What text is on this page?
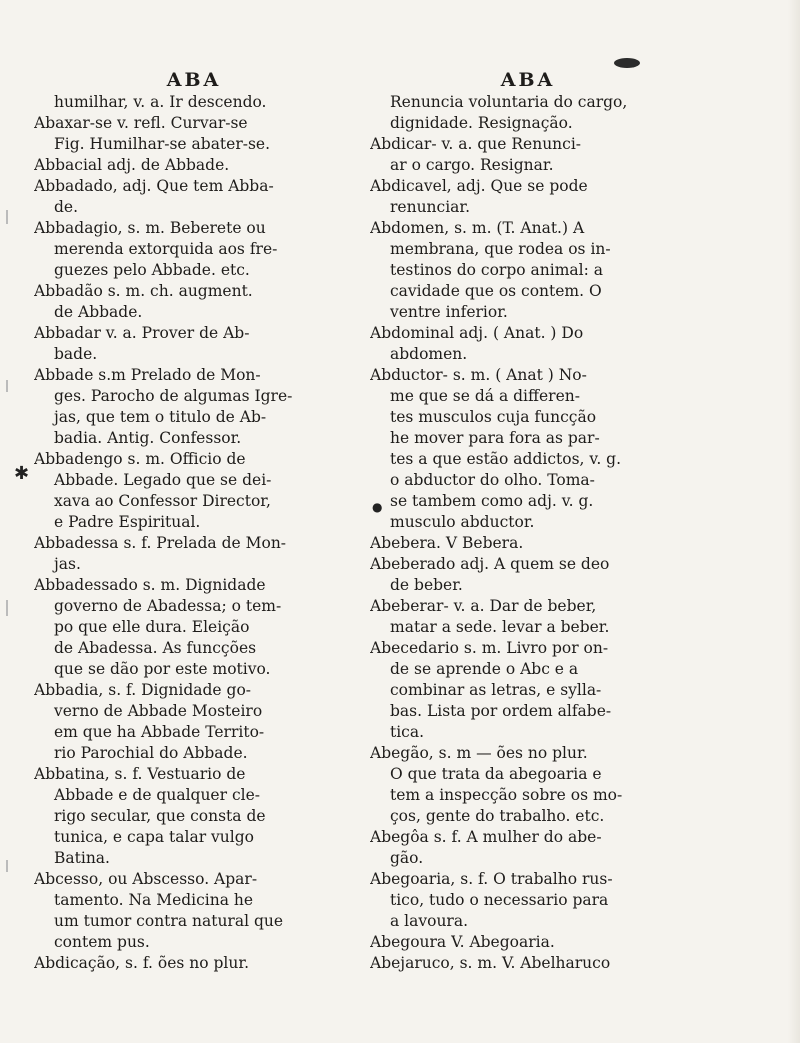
✱
●
ABA
humilhar, v. a. Ir descendo.
Abaxar-se v. refl. Curvar-se
Fig. Humilhar-se abater-se.
Abbacial adj. de Abbade.
Abbadado, adj. Que tem Abba-
de.
Abbadagio, s. m. Beberete ou
merenda extorquida aos fre-
guezes pelo Abbade. etc.
Abbadão s. m. ch. augment.
de Abbade.
Abbadar v. a. Prover de Ab-
bade.
Abbade s.m Prelado de Mon-
ges. Parocho de algumas Igre-
jas, que tem o titulo de Ab-
badia. Antig. Confessor.
Abbadengo s. m. Officio de
Abbade. Legado que se dei-
xava ao Confessor Director,
e Padre Espiritual.
Abbadessa s. f. Prelada de Mon-
jas.
Abbadessado s. m. Dignidade
governo de Abadessa; o tem-
po que elle dura. Eleição
de Abadessa. As funcções
que se dão por este motivo.
Abbadia, s. f. Dignidade go-
verno de Abbade Mosteiro
em que ha Abbade Territo-
rio Parochial do Abbade.
Abbatina, s. f. Vestuario de
Abbade e de qualquer cle-
rigo secular, que consta de
tunica, e capa talar vulgo
Batina.
Abcesso, ou Abscesso. Apar-
tamento. Na Medicina he
um tumor contra natural que
contem pus.
Abdicação, s. f. ões no plur.
ABA
Renuncia voluntaria do cargo,
dignidade. Resignação.
Abdicar- v. a. que Renunci-
ar o cargo. Resignar.
Abdicavel, adj. Que se pode
renunciar.
Abdomen, s. m. (T. Anat.) A
membrana, que rodea os in-
testinos do corpo animal: a
cavidade que os contem. O
ventre inferior.
Abdominal adj. ( Anat. ) Do
abdomen.
Abductor- s. m. ( Anat ) No-
me que se dá a differen-
tes musculos cuja funcção
he mover para fora as par-
tes a que estão addictos, v. g.
o abductor do olho. Toma-
se tambem como adj. v. g.
musculo abductor.
Abebera. V Bebera.
Abeberado adj. A quem se deo
de beber.
Abeberar- v. a. Dar de beber,
matar a sede. levar a beber.
Abecedario s. m. Livro por on-
de se aprende o Abc e a
combinar as letras, e sylla-
bas. Lista por ordem alfabe-
tica.
Abegão, s. m — ões no plur.
O que trata da abegoaria e
tem a inspecção sobre os mo-
ços, gente do trabalho. etc.
Abegôa s. f. A mulher do abe-
gão.
Abegoaria, s. f. O trabalho rus-
tico, tudo o necessario para
a lavoura.
Abegoura V. Abegoaria.
Abejaruco, s. m. V. Abelharuco
